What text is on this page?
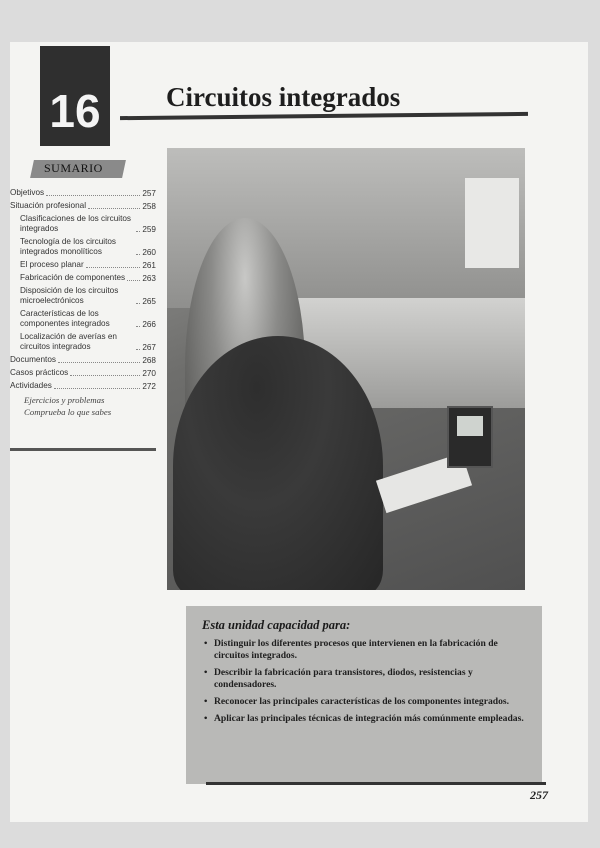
16 Circuitos integrados
SUMARIO
Objetivos	257
Situación profesional	258
Clasificaciones de los circuitos integrados	259
Tecnología de los circuitos integrados monolíticos	260
El proceso planar	261
Fabricación de componentes 263
Disposición de los circuitos microelectrónicos	265
Características de los componentes integrados	266
Localización de averías en circuitos integrados	267
Documentos	268
Casos prácticos	270
Actividades	272
Ejercicios y problemas
Comprueba lo que sabes
Esta unidad capacidad para:
• Distinguir los diferentes procesos que intervienen en la fabricación de circuitos integrados.
• Describir la fabricación para transistores, diodos, resistencias y condensadores.
• Reconocer las principales características de los componentes integrados.
• Aplicar las principales técnicas de integración más comúnmente empleadas.
257
